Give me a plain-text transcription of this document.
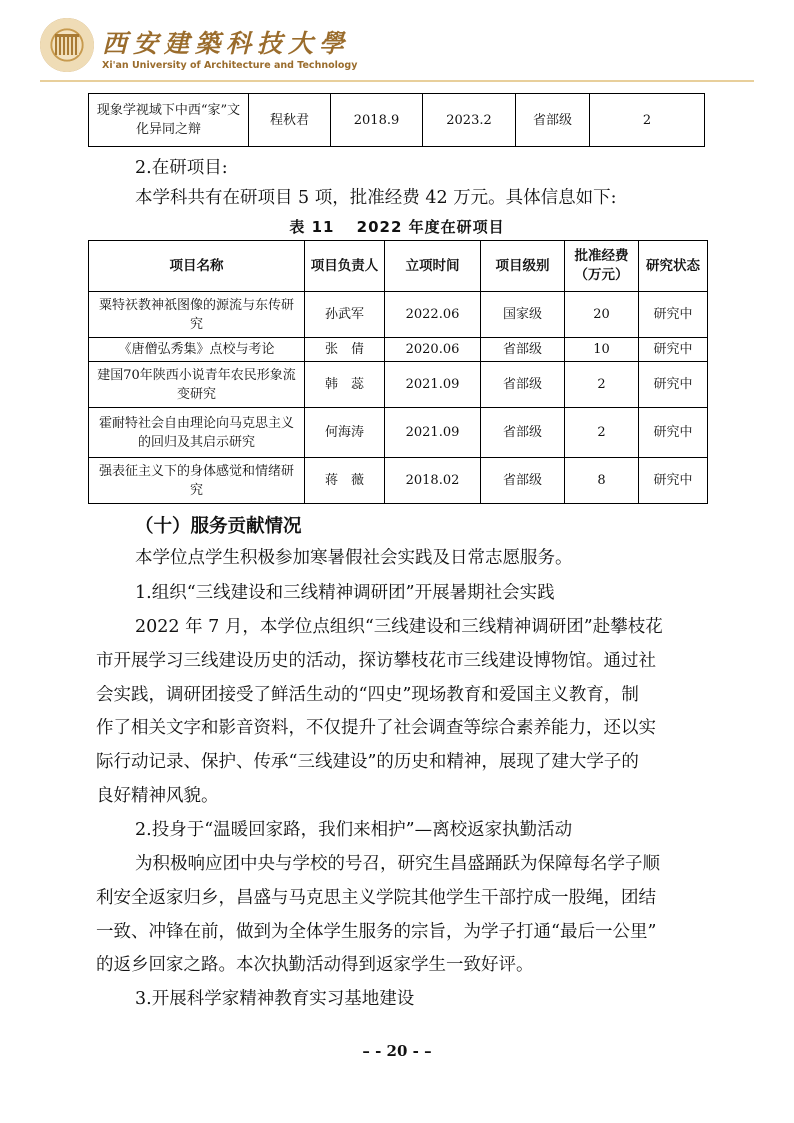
西安建築科技大學
Xi'an University of Architecture and Technology
现象学视域下中西“家”文化异同之辩	程秋君	2018.9	2023.2	省部级	2
2.在研项目:
本学科共有在研项目 5 项，批准经费 42 万元。具体信息如下:
表 11　 2022 年度在研项目
项目名称	项目负责人	立项时间	项目级别	批准经费（万元）	研究状态
粟特祆教神祇图像的源流与东传研究	孙武军	2022.06	国家级	20	研究中
《唐僧弘秀集》点校与考论	张　倩	2020.06	省部级	10	研究中
建国70年陕西小说青年农民形象流变研究	韩　蕊	2021.09	省部级	2	研究中
霍耐特社会自由理论向马克思主义的回归及其启示研究	何海涛	2021.09	省部级	2	研究中
强表征主义下的身体感觉和情绪研究	蒋　薇	2018.02	省部级	8	研究中
（十）服务贡献情况
本学位点学生积极参加寒暑假社会实践及日常志愿服务。
1.组织“三线建设和三线精神调研团”开展暑期社会实践
2022 年 7 月，本学位点组织“三线建设和三线精神调研团”赴攀枝花
市开展学习三线建设历史的活动，探访攀枝花市三线建设博物馆。通过社
会实践，调研团接受了鲜活生动的“四史”现场教育和爱国主义教育，制
作了相关文字和影音资料，不仅提升了社会调查等综合素养能力，还以实
际行动记录、保护、传承“三线建设”的历史和精神，展现了建大学子的
良好精神风貌。
2.投身于“温暖回家路，我们来相护”—离校返家执勤活动
为积极响应团中央与学校的号召，研究生昌盛踊跃为保障每名学子顺
利安全返家归乡，昌盛与马克思主义学院其他学生干部拧成一股绳，团结
一致、冲锋在前，做到为全体学生服务的宗旨，为学子打通“最后一公里”
的返乡回家之路。本次执勤活动得到返家学生一致好评。
3.开展科学家精神教育实习基地建设
– - 20 - –
